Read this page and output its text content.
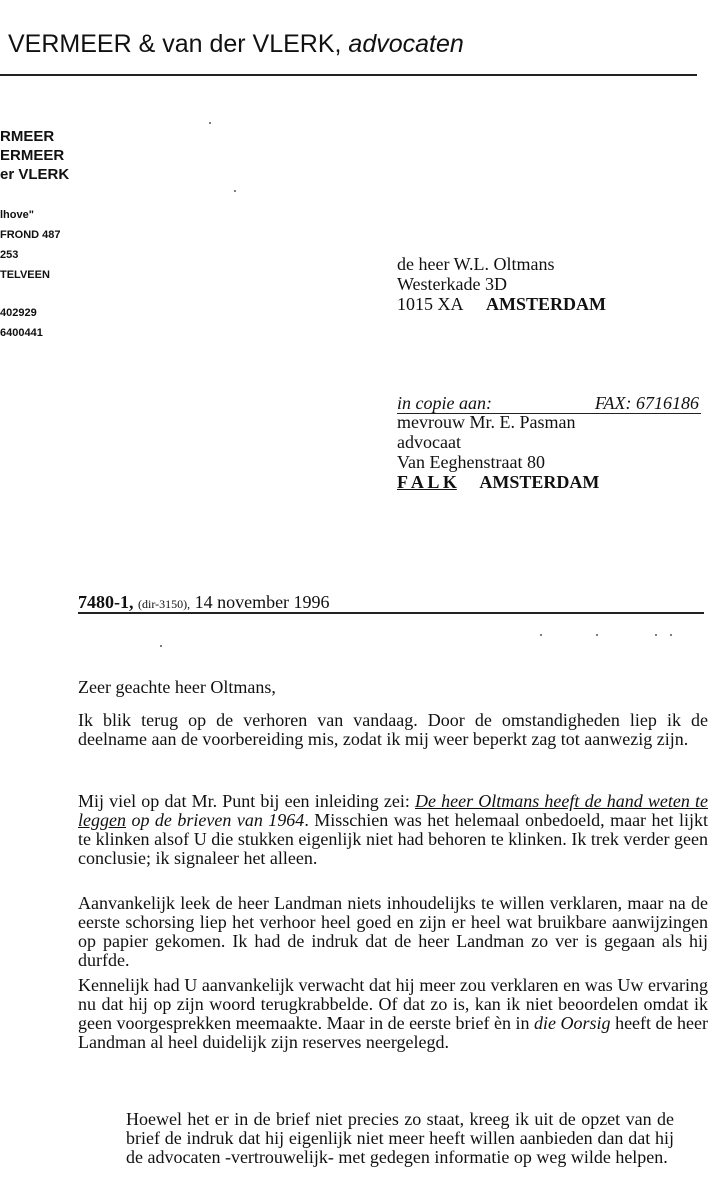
VERMEER & van der VLERK, advocaten
RMEER
ERMEER
er VLERK
lhove"
FROND 487
253
TELVEEN
402929
6400441
de heer W.L. Oltmans
Westerkade 3D
1015 XA AMSTERDAM
in copie aan:	FAX: 6716186
mevrouw Mr. E. Pasman
advocaat
Van Eeghenstraat 80
F A L K AMSTERDAM
7480-1, (dir-3150), 14 november 1996

Zeer geachte heer Oltmans,

Ik blik terug op de verhoren van vandaag. Door de omstandigheden liep ik de deelname aan de voorbereiding mis, zodat ik mij weer beperkt zag tot aanwezig zijn.

Mij viel op dat Mr. Punt bij een inleiding zei: De heer Oltmans heeft de hand weten te leggen op de brieven van 1964. Misschien was het helemaal onbedoeld, maar het lijkt te klinken alsof U die stukken eigenlijk niet had behoren te klinken. Ik trek verder geen conclusie; ik signaleer het alleen.

Aanvankelijk leek de heer Landman niets inhoudelijks te willen verklaren, maar na de eerste schorsing liep het verhoor heel goed en zijn er heel wat bruikbare aanwijzingen op papier gekomen. Ik had de indruk dat de heer Landman zo ver is gegaan als hij durfde.

Kennelijk had U aanvankelijk verwacht dat hij meer zou verklaren en was Uw ervaring nu dat hij op zijn woord terugkrabbelde. Of dat zo is, kan ik niet beoordelen omdat ik geen voorgesprekken meemaakte. Maar in de eerste brief èn in die Oorsig heeft de heer Landman al heel duidelijk zijn reserves neergelegd.

Hoewel het er in de brief niet precies zo staat, kreeg ik uit de opzet van de brief de indruk dat hij eigenlijk niet meer heeft willen aanbieden dan dat hij de advocaten -vertrouwelijk- met gedegen informatie op weg wilde helpen.
